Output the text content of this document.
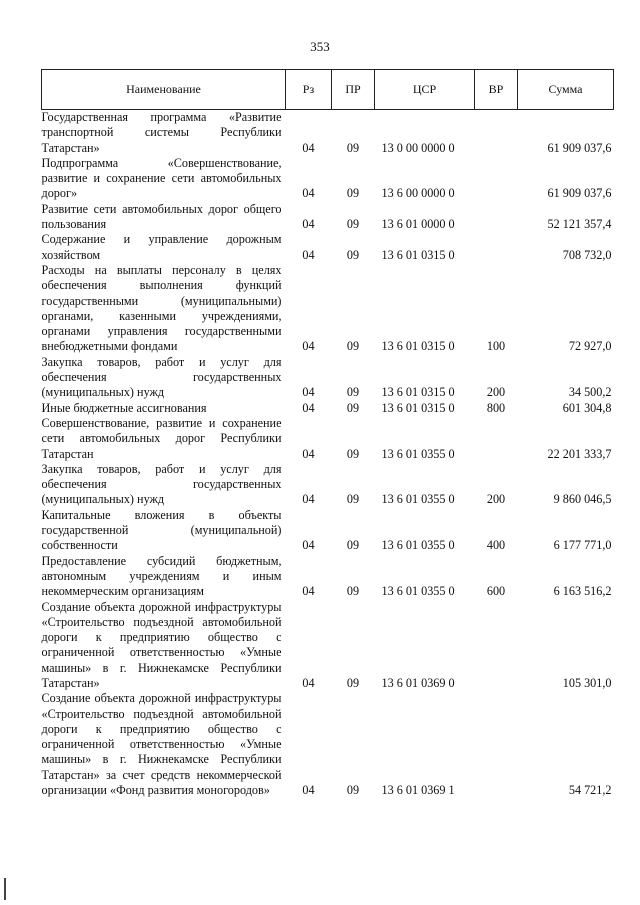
353
Наименование	Рз	ПР	ЦСР	ВР	Сумма
Государственная программа «Развитие транспортной системы Республики Татарстан»	04	09	13 0 00 0000 0		61 909 037,6
Подпрограмма «Совершенствование, развитие и сохранение сети автомобильных дорог»	04	09	13 6 00 0000 0		61 909 037,6
Развитие сети автомобильных дорог общего пользования	04	09	13 6 01 0000 0		52 121 357,4
Содержание и управление дорожным хозяйством	04	09	13 6 01 0315 0		708 732,0
Расходы на выплаты персоналу в целях обеспечения выполнения функций государственными (муниципальными) органами, казенными учреждениями, органами управления государственными внебюджетными фондами	04	09	13 6 01 0315 0	100	72 927,0
Закупка товаров, работ и услуг для обеспечения государственных (муниципальных) нужд	04	09	13 6 01 0315 0	200	34 500,2
Иные бюджетные ассигнования	04	09	13 6 01 0315 0	800	601 304,8
Совершенствование, развитие и сохранение сети автомобильных дорог Республики Татарстан	04	09	13 6 01 0355 0		22 201 333,7
Закупка товаров, работ и услуг для обеспечения государственных (муниципальных) нужд	04	09	13 6 01 0355 0	200	9 860 046,5
Капитальные вложения в объекты государственной (муниципальной) собственности	04	09	13 6 01 0355 0	400	6 177 771,0
Предоставление субсидий бюджетным, автономным учреждениям и иным некоммерческим организациям	04	09	13 6 01 0355 0	600	6 163 516,2
Создание объекта дорожной инфраструктуры «Строительство подъездной автомобильной дороги к предприятию общество с ограниченной ответственностью «Умные машины» в г. Нижнекамске Республики Татарстан»	04	09	13 6 01 0369 0		105 301,0
Создание объекта дорожной инфраструктуры «Строительство подъездной автомобильной дороги к предприятию общество с ограниченной ответственностью «Умные машины» в г. Нижнекамске Республики Татарстан» за счет средств некоммерческой организации «Фонд развития моногородов»	04	09	13 6 01 0369 1		54 721,2
